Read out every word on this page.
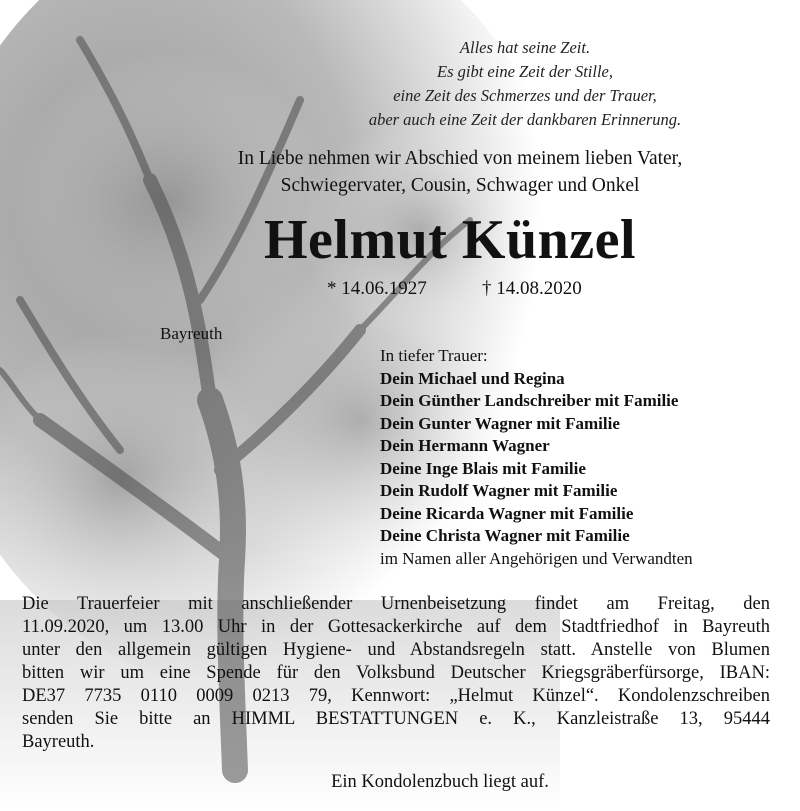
Alles hat seine Zeit.
Es gibt eine Zeit der Stille,
eine Zeit des Schmerzes und der Trauer,
aber auch eine Zeit der dankbaren Erinnerung.
In Liebe nehmen wir Abschied von meinem lieben Vater,
Schwiegervater, Cousin, Schwager und Onkel
Helmut Künzel
* 14.06.1927	† 14.08.2020
Bayreuth
In tiefer Trauer:
Dein Michael und Regina
Dein Günther Landschreiber mit Familie
Dein Gunter Wagner mit Familie
Dein Hermann Wagner
Deine Inge Blais mit Familie
Dein Rudolf Wagner mit Familie
Deine Ricarda Wagner mit Familie
Deine Christa Wagner mit Familie
im Namen aller Angehörigen und Verwandten
Die Trauerfeier mit anschließender Urnenbeisetzung findet am Freitag, den
11.09.2020, um 13.00 Uhr in der Gottesackerkirche auf dem Stadtfriedhof in Bayreuth
unter den allgemein gültigen Hygiene- und Abstandsregeln statt. Anstelle von Blumen
bitten wir um eine Spende für den Volksbund Deutscher Kriegsgräberfürsorge, IBAN:
DE37 7735 0110 0009 0213 79, Kennwort: „Helmut Künzel“. Kondolenzschreiben
senden Sie bitte an HIMML BESTATTUNGEN e. K., Kanzleistraße 13, 95444
Bayreuth.
Ein Kondolenzbuch liegt auf.
